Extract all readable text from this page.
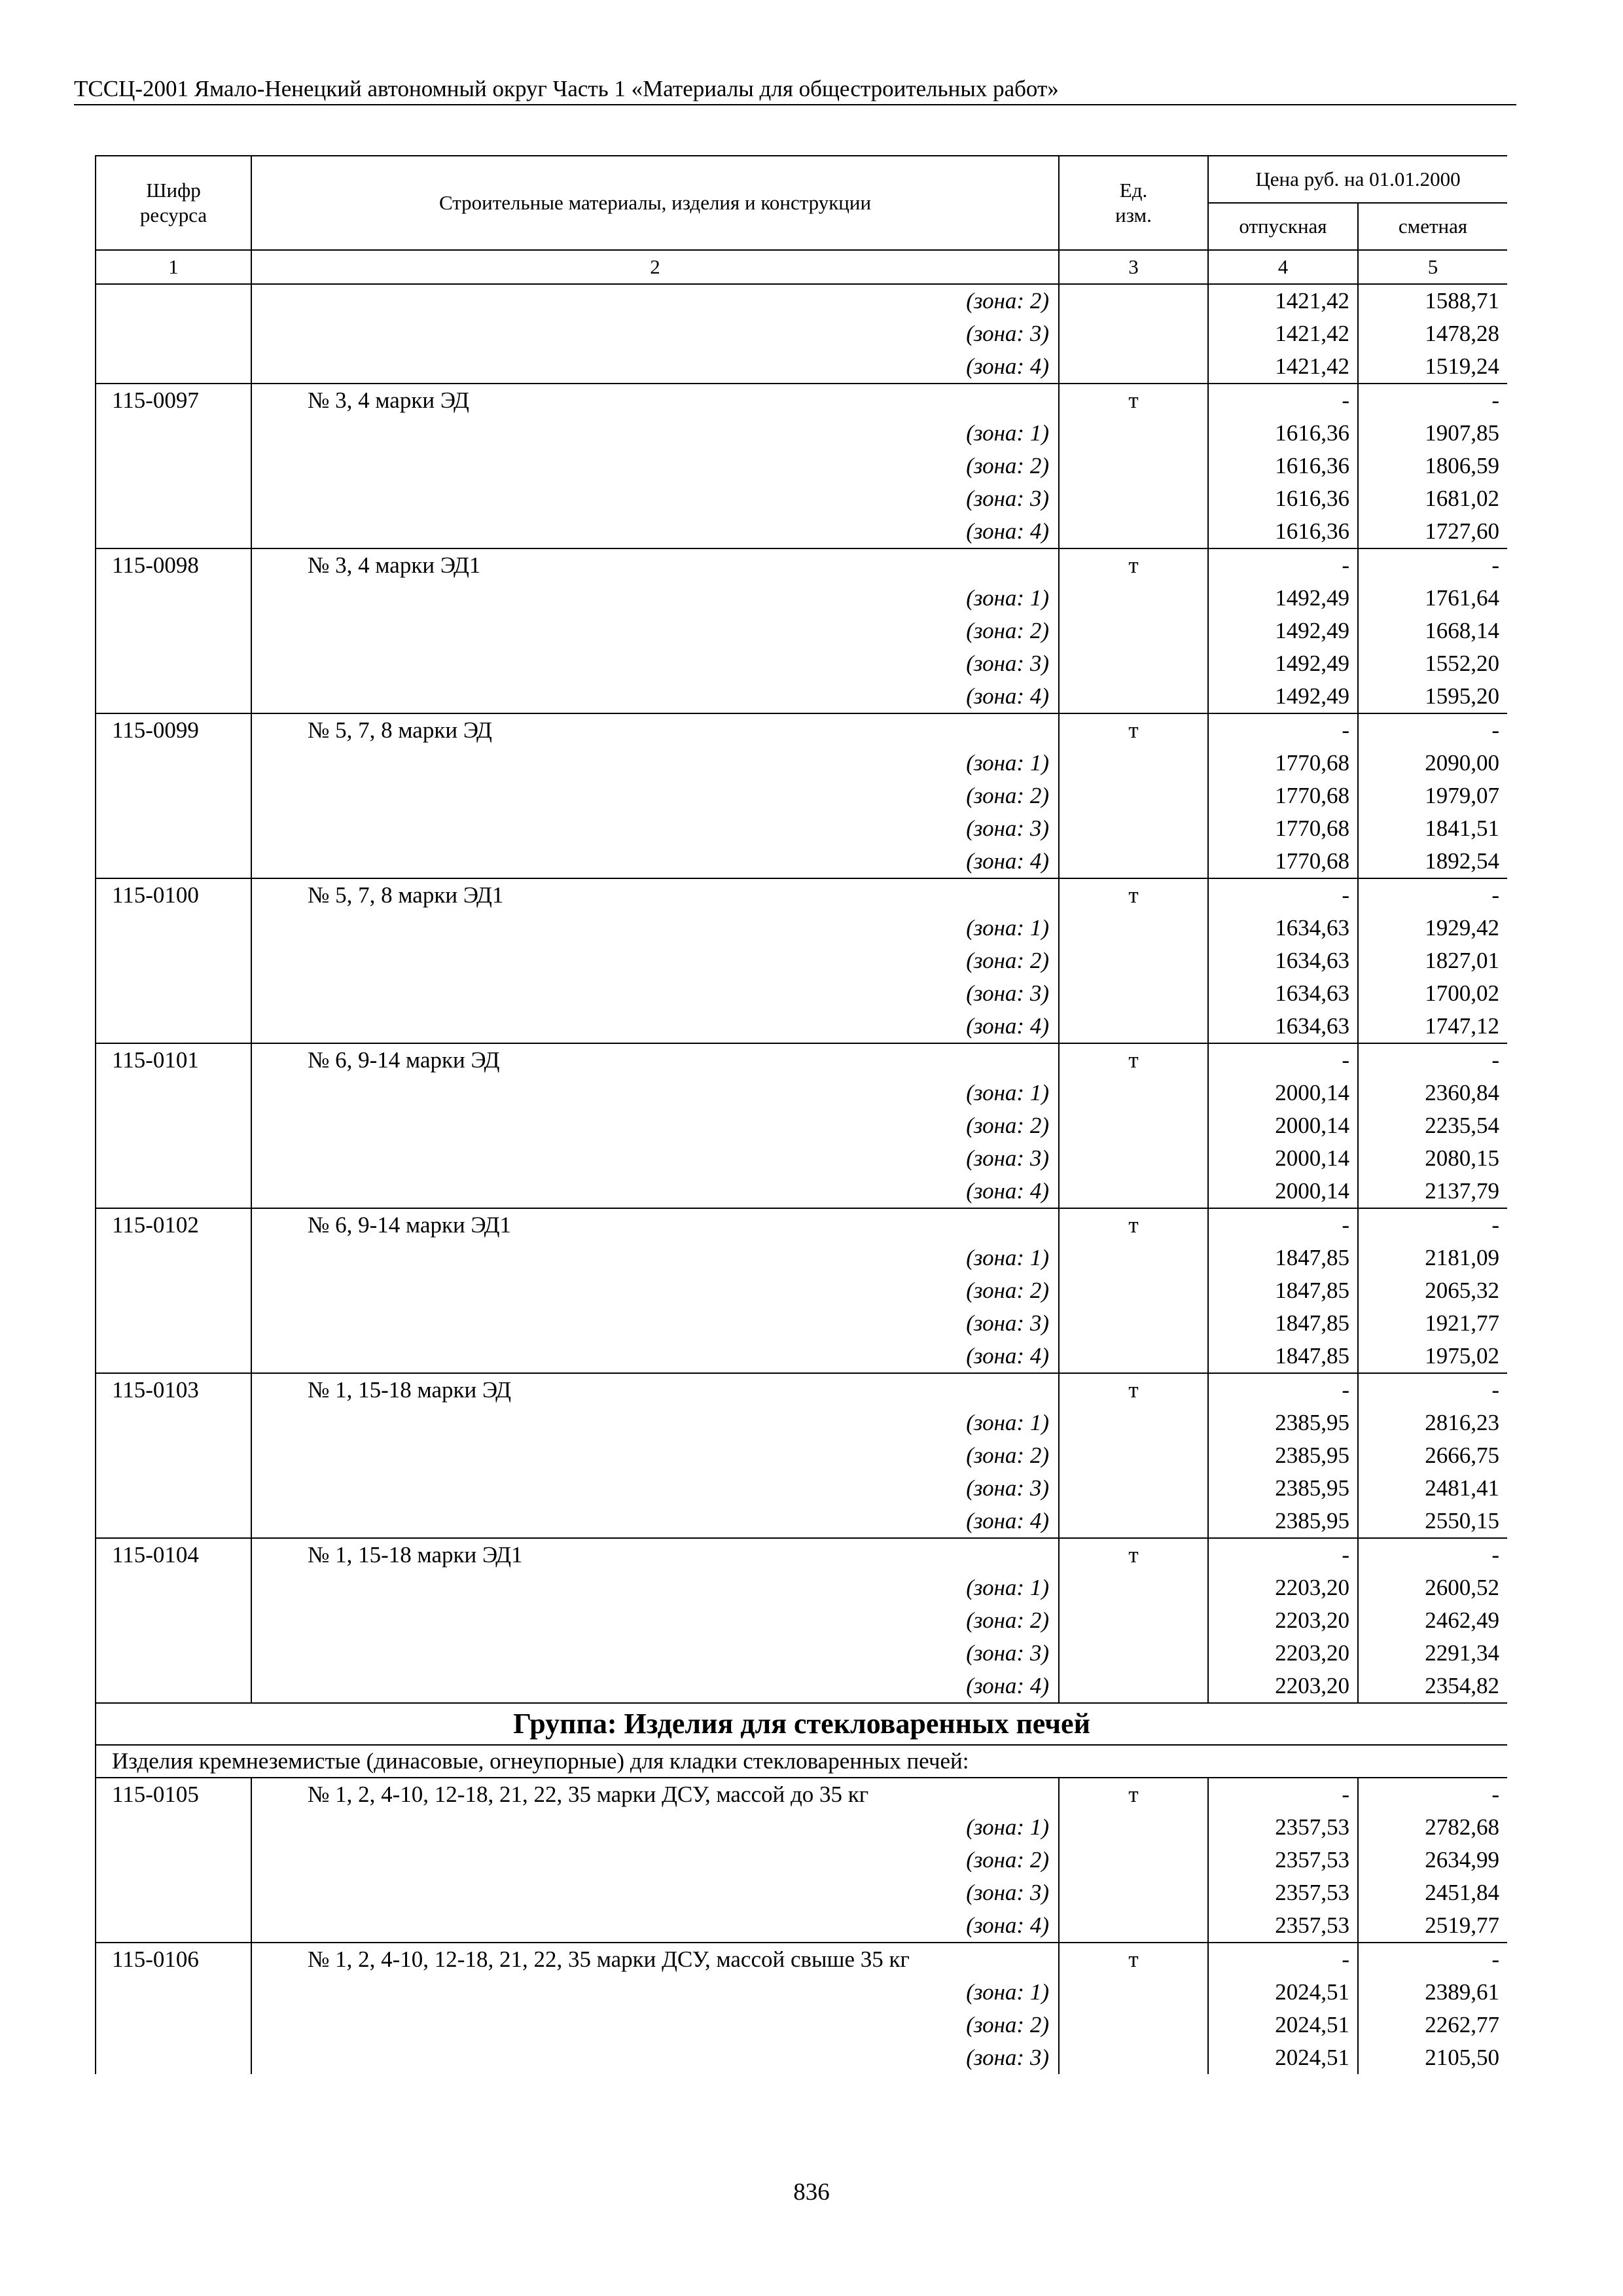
ТССЦ-2001 Ямало-Ненецкий автономный округ Часть 1 «Материалы для общестроительных работ»
Шифр ресурса	Строительные материалы, изделия и конструкции	Ед. изм.	Цена руб. на 01.01.2000	
			отпускная	сметная
1	2	3	4	5
	(зона: 2)		1421,42	1588,71
	(зона: 3)		1421,42	1478,28
	(зона: 4)		1421,42	1519,24
115-0097	№ 3, 4 марки ЭД	т	-	-
	(зона: 1)		1616,36	1907,85
	(зона: 2)		1616,36	1806,59
	(зона: 3)		1616,36	1681,02
	(зона: 4)		1616,36	1727,60
115-0098	№ 3, 4 марки ЭД1	т	-	-
	(зона: 1)		1492,49	1761,64
	(зона: 2)		1492,49	1668,14
	(зона: 3)		1492,49	1552,20
	(зона: 4)		1492,49	1595,20
115-0099	№ 5, 7, 8 марки ЭД	т	-	-
	(зона: 1)		1770,68	2090,00
	(зона: 2)		1770,68	1979,07
	(зона: 3)		1770,68	1841,51
	(зона: 4)		1770,68	1892,54
115-0100	№ 5, 7, 8 марки ЭД1	т	-	-
	(зона: 1)		1634,63	1929,42
	(зона: 2)		1634,63	1827,01
	(зона: 3)		1634,63	1700,02
	(зона: 4)		1634,63	1747,12
115-0101	№ 6, 9-14 марки ЭД	т	-	-
	(зона: 1)		2000,14	2360,84
	(зона: 2)		2000,14	2235,54
	(зона: 3)		2000,14	2080,15
	(зона: 4)		2000,14	2137,79
115-0102	№ 6, 9-14 марки ЭД1	т	-	-
	(зона: 1)		1847,85	2181,09
	(зона: 2)		1847,85	2065,32
	(зона: 3)		1847,85	1921,77
	(зона: 4)		1847,85	1975,02
115-0103	№ 1, 15-18 марки ЭД	т	-	-
	(зона: 1)		2385,95	2816,23
	(зона: 2)		2385,95	2666,75
	(зона: 3)		2385,95	2481,41
	(зона: 4)		2385,95	2550,15
115-0104	№ 1, 15-18 марки ЭД1	т	-	-
	(зона: 1)		2203,20	2600,52
	(зона: 2)		2203,20	2462,49
	(зона: 3)		2203,20	2291,34
	(зона: 4)		2203,20	2354,82
Группа: Изделия для стекловаренных печей				
Изделия кремнеземистые (динасовые, огнеупорные) для кладки стекловаренных печей:				
115-0105	№ 1, 2, 4-10, 12-18, 21, 22, 35 марки ДСУ, массой до 35 кг	т	-	-
	(зона: 1)		2357,53	2782,68
	(зона: 2)		2357,53	2634,99
	(зона: 3)		2357,53	2451,84
	(зона: 4)		2357,53	2519,77
115-0106	№ 1, 2, 4-10, 12-18, 21, 22, 35 марки ДСУ, массой свыше 35 кг	т	-	-
	(зона: 1)		2024,51	2389,61
	(зона: 2)		2024,51	2262,77
	(зона: 3)		2024,51	2105,50
836
